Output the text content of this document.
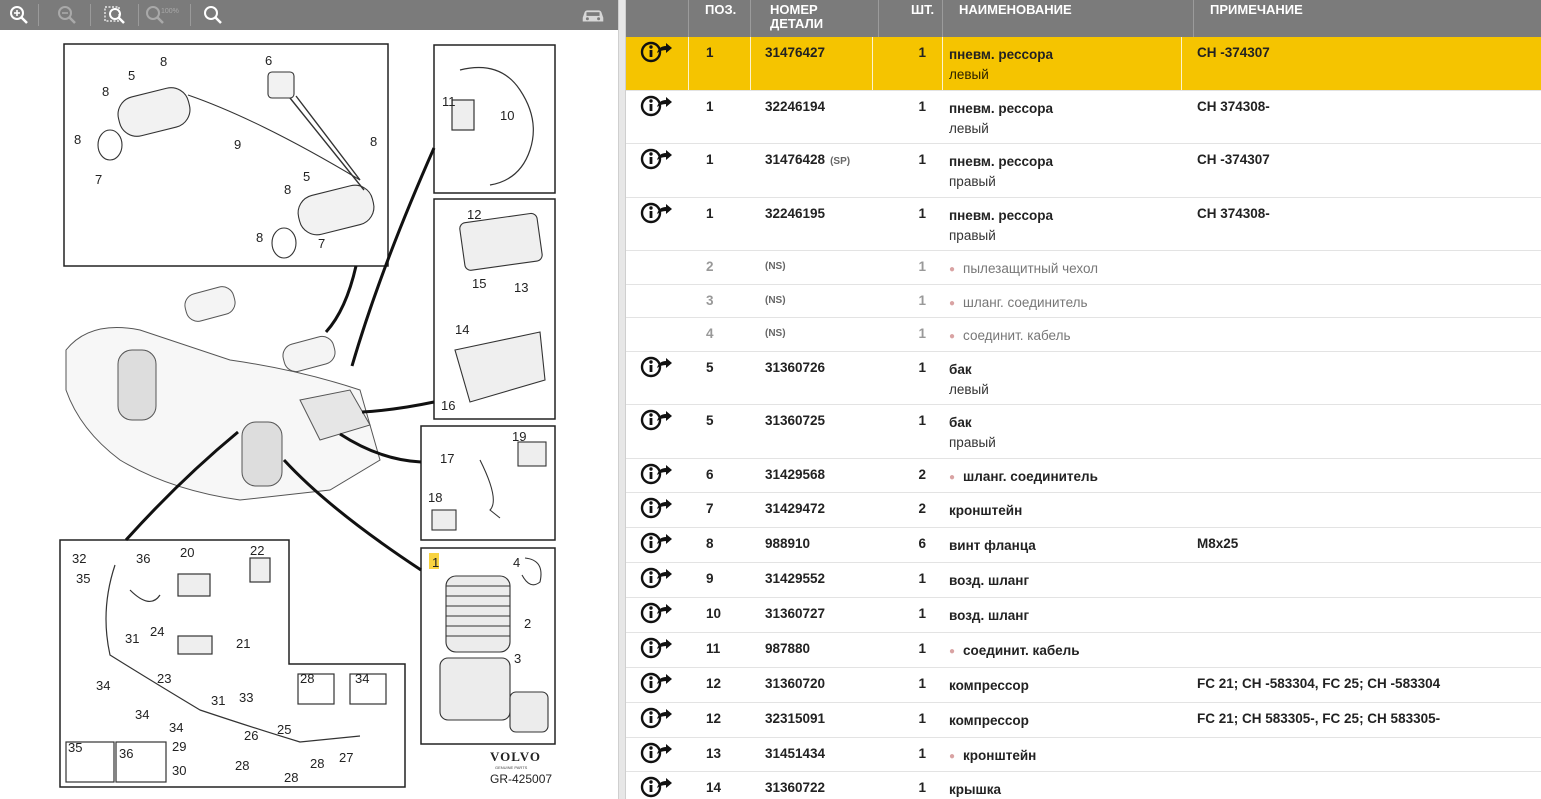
100%
1
2
3
4
5
5
6
7
7
8
8
8	8
8
8
9
10
11
12
13
14
15
16
17
18
19
20
21
22
23
24
25
26
27
28
28
28
28
29
30
31
31
32
33
34
34
34
34
35
35
36
36	VOLVO
GENUINE PARTS
GR-425007
ПОЗ.	НОМЕР ДЕТАЛИ
ШТ. НАИМЕНОВАНИЕ	ПРИМЕЧАНИЕ
1	31476427	1 пневм. рессора
левый
CH -374307
1	32246194	1 пневм. рессора
левый
CH 374308-
1	31476428 (SP)	1 пневм. рессора
правый
CH -374307
1	32246195	1 пневм. рессора
правый
CH 374308-
2	(NS)	1 ● пылезащитный чехол
3	(NS)	1 ● шланг. соединитель
4	(NS)	1 ● соединит. кабель
5	31360726	1 бак
левый
5	31360725	1 бак
правый
6	31429568	2 ● шланг. соединитель
7	31429472	2 кронштейн
8	988910	6 винт фланца	M8x25
9	31429552	1 возд. шланг
10	31360727	1 возд. шланг
11	987880	1 ● соединит. кабель
12	31360720	1 компрессор	FC 21; CH -583304, FC 25; CH -583304
12	32315091	1 компрессор	FC 21; CH 583305-, FC 25; CH 583305-
13	31451434	1 ● кронштейн
14	31360722	1 крышка
